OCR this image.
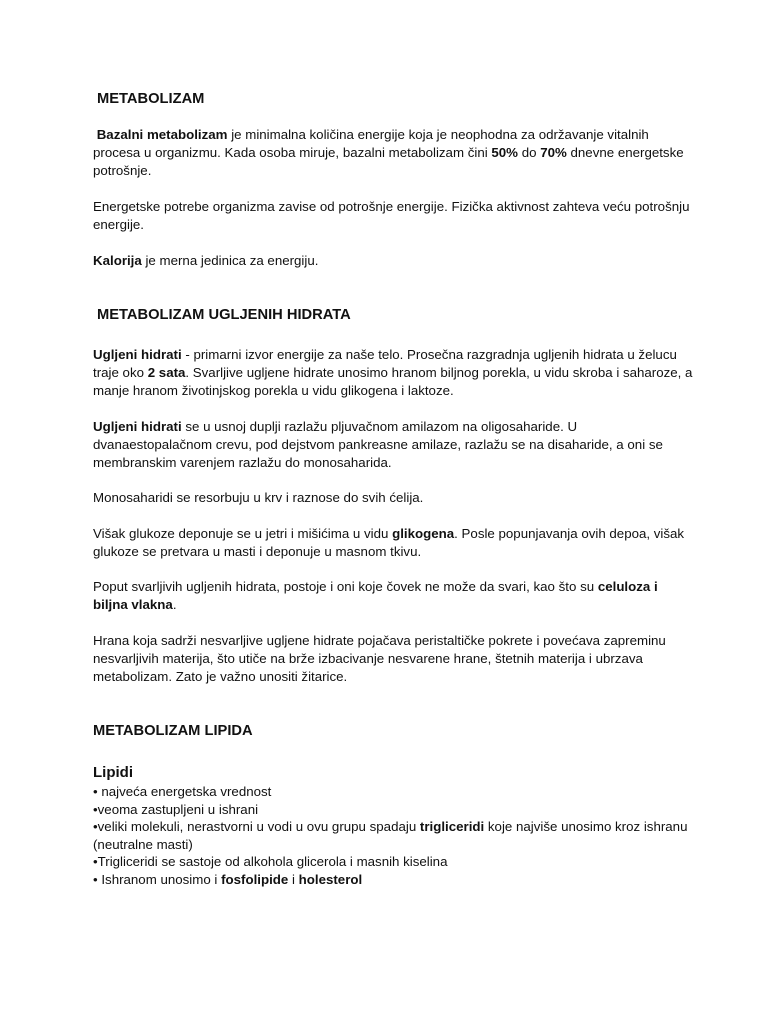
METABOLIZAM

Bazalni metabolizam je minimalna količina energije koja je neophodna za održavanje vitalnih procesa u organizmu. Kada osoba miruje, bazalni metabolizam čini 50% do 70% dnevne energetske potrošnje.

Energetske potrebe organizma zavise od potrošnje energije. Fizička aktivnost zahteva veću potrošnju energije.

Kalorija je merna jedinica za energiju.

METABOLIZAM UGLJENIH HIDRATA

Ugljeni hidrati - primarni izvor energije za naše telo. Prosečna razgradnja ugljenih hidrata u želucu traje oko 2 sata. Svarljive ugljene hidrate unosimo hranom biljnog porekla, u vidu skroba i saharoze, a manje hranom životinjskog porekla u vidu glikogena i laktoze.

Ugljeni hidrati se u usnoj duplji razlažu pljuvačnom amilazom na oligosaharide. U dvanaestopalačnom crevu, pod dejstvom pankreasne amilaze, razlažu se na disaharide, a oni se membranskim varenjem razlažu do monosaharida.

Monosaharidi se resorbuju u krv i raznose do svih ćelija.

Višak glukoze deponuje se u jetri i mišićima u vidu glikogena. Posle popunjavanja ovih depoa, višak glukoze se pretvara u masti i deponuje u masnom tkivu.

Poput svarljivih ugljenih hidrata, postoje i oni koje čovek ne može da svari, kao što su celuloza i biljna vlakna.

Hrana koja sadrži nesvarljive ugljene hidrate pojačava peristaltičke pokrete i povećava zapreminu nesvarljivih materija, što utiče na brže izbacivanje nesvarene hrane, štetnih materija i ubrzava metabolizam. Zato je važno unositi žitarice.

METABOLIZAM LIPIDA
Lipidi
• najveća energetska vrednost
•veoma zastupljeni u ishrani
•veliki molekuli, nerastvorni u vodi u ovu grupu spadaju trigliceridi koje najviše unosimo kroz ishranu (neutralne masti)
•Trigliceridi se sastoje od alkohola glicerola i masnih kiselina
• Ishranom unosimo i fosfolipide i holesterol
